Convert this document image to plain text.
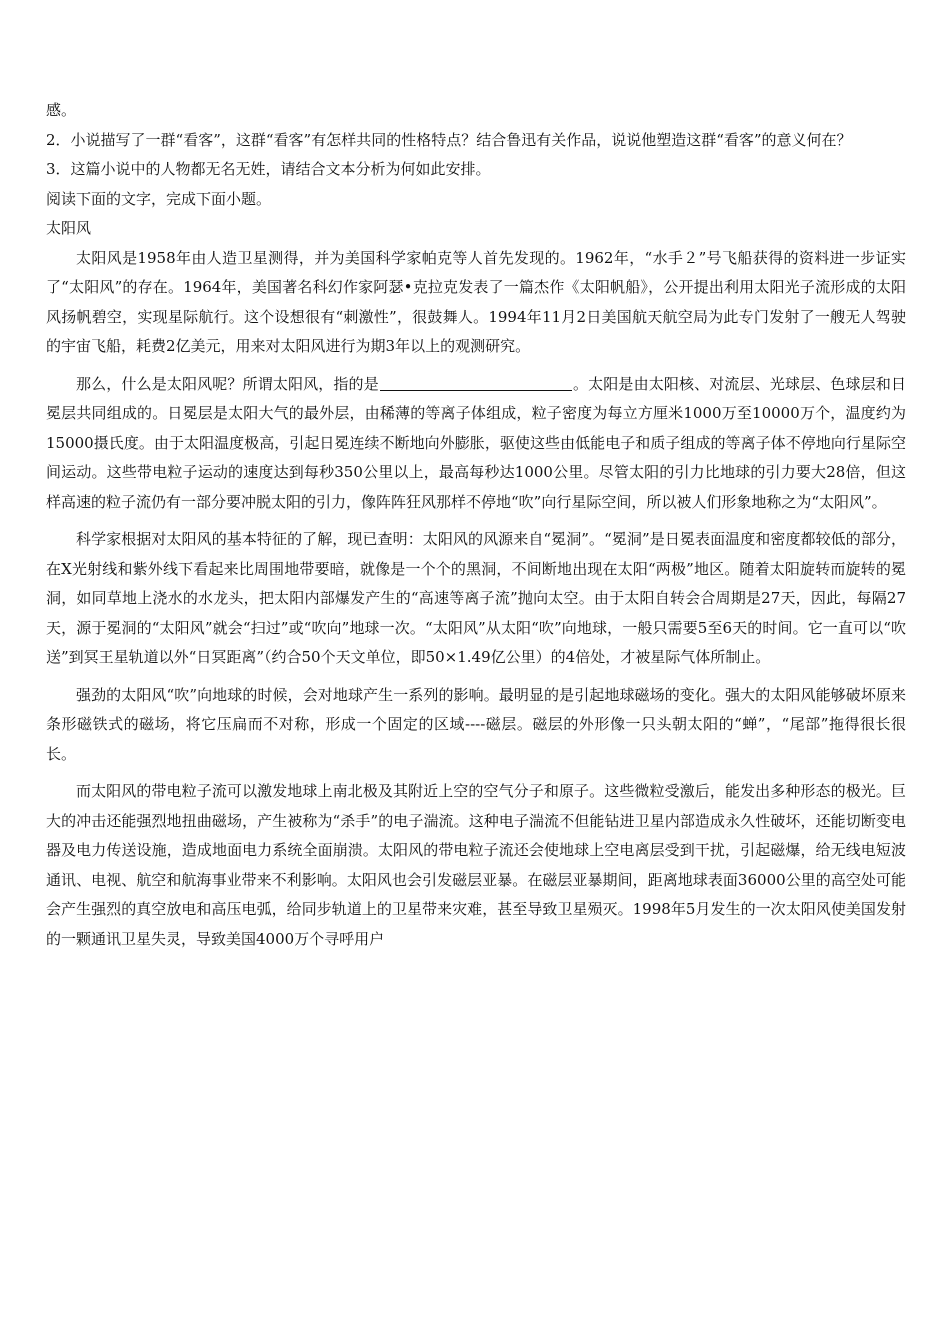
感。

2．小说描写了一群“看客”，这群“看客”有怎样共同的性格特点？结合鲁迅有关作品，说说他塑造这群“看客”的意义何在？

3．这篇小说中的人物都无名无姓，请结合文本分析为何如此安排。

阅读下面的文字，完成下面小题。

太阳风

太阳风是1958年由人造卫星测得，并为美国科学家帕克等人首先发现的。1962年，“水手２”号飞船获得的资料进一步证实了“太阳风”的存在。1964年，美国著名科幻作家阿瑟•克拉克发表了一篇杰作《太阳帆船》，公开提出利用太阳光子流形成的太阳风扬帆碧空，实现星际航行。这个设想很有“刺激性”，很鼓舞人。1994年11月2日美国航天航空局为此专门发射了一艘无人驾驶的宇宙飞船，耗费2亿美元，用来对太阳风进行为期3年以上的观测研究。

那么，什么是太阳风呢？所谓太阳风，指的是	。太阳是由太阳核、对流层、光球层、色球层和日冕层共同组成的。日冕层是太阳大气的最外层，由稀薄的等离子体组成，粒子密度为每立方厘米1000万至10000万个，温度约为15000摄氏度。由于太阳温度极高，引起日冕连续不断地向外膨胀，驱使这些由低能电子和质子组成的等离子体不停地向行星际空间运动。这些带电粒子运动的速度达到每秒350公里以上，最高每秒达1000公里。尽管太阳的引力比地球的引力要大28倍，但这样高速的粒子流仍有一部分要冲脱太阳的引力，像阵阵狂风那样不停地“吹”向行星际空间，所以被人们形象地称之为“太阳风”。

科学家根据对太阳风的基本特征的了解，现已查明：太阳风的风源来自“冕洞”。“冕洞”是日冕表面温度和密度都较低的部分，在X光射线和紫外线下看起来比周围地带要暗，就像是一个个的黑洞，不间断地出现在太阳“两极”地区。随着太阳旋转而旋转的冕洞，如同草地上浇水的水龙头，把太阳内部爆发产生的“高速等离子流”抛向太空。由于太阳自转会合周期是27天，因此，每隔27天，源于冕洞的“太阳风”就会“扫过”或“吹向”地球一次。“太阳风”从太阳“吹”向地球，一般只需要5至6天的时间。它一直可以“吹送”到冥王星轨道以外“日冥距离”（约合50个天文单位，即50×1.49亿公里）的4倍处，才被星际气体所制止。

强劲的太阳风“吹”向地球的时候，会对地球产生一系列的影响。最明显的是引起地球磁场的变化。强大的太阳风能够破坏原来条形磁铁式的磁场，将它压扁而不对称，形成一个固定的区域----磁层。磁层的外形像一只头朝太阳的“蝉”，“尾部”拖得很长很长。

而太阳风的带电粒子流可以激发地球上南北极及其附近上空的空气分子和原子。这些微粒受激后，能发出多种形态的极光。巨大的冲击还能强烈地扭曲磁场，产生被称为“杀手”的电子湍流。这种电子湍流不但能钻进卫星内部造成永久性破坏，还能切断变电器及电力传送设施，造成地面电力系统全面崩溃。太阳风的带电粒子流还会使地球上空电离层受到干扰，引起磁爆，给无线电短波通讯、电视、航空和航海事业带来不利影响。太阳风也会引发磁层亚暴。在磁层亚暴期间，距离地球表面36000公里的高空处可能会产生强烈的真空放电和高压电弧，给同步轨道上的卫星带来灾难，甚至导致卫星殒灭。1998年5月发生的一次太阳风使美国发射的一颗通讯卫星失灵，导致美国4000万个寻呼用户
